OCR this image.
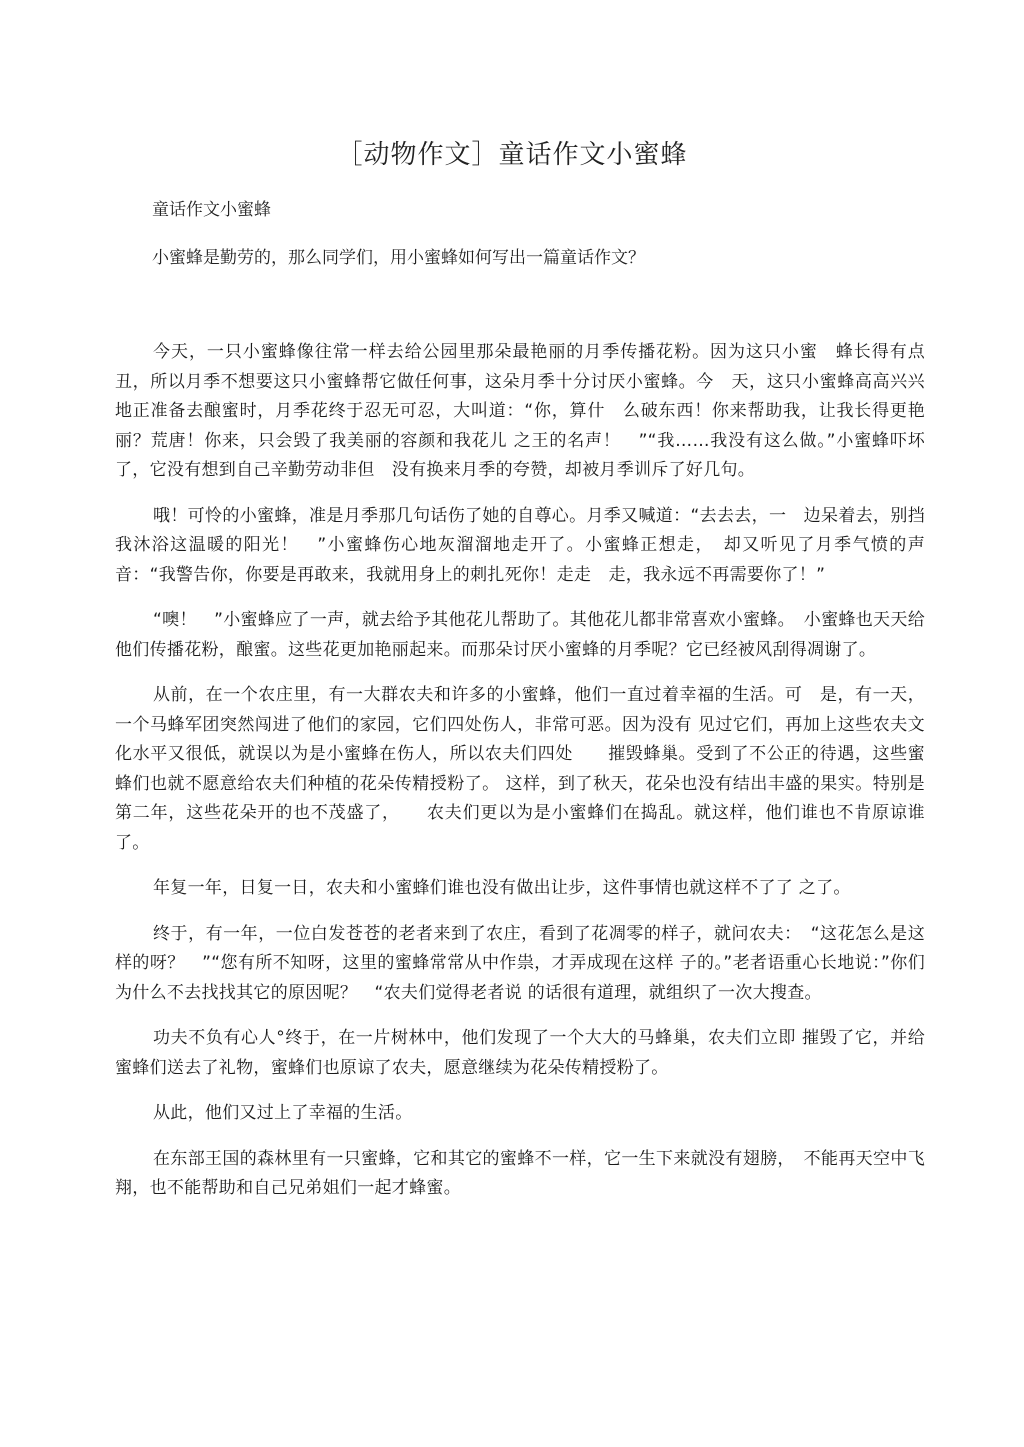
［动物作文］童话作文小蜜蜂
童话作文小蜜蜂
小蜜蜂是勤劳的，那么同学们，用小蜜蜂如何写出一篇童话作文？

今天，一只小蜜蜂像往常一样去给公园里那朵最艳丽的月季传播花粉。因为这只小蜜　蜂长得有点丑，所以月季不想要这只小蜜蜂帮它做任何事，这朵月季十分讨厌小蜜蜂。今　天，这只小蜜蜂高高兴兴地正准备去酿蜜时，月季花终于忍无可忍，大叫道：“你，算什　么破东西！你来帮助我，让我长得更艳丽？荒唐！你来，只会毁了我美丽的容颜和我花儿 之王的名声！　”“我……我没有这么做。”小蜜蜂吓坏了，它没有想到自己辛勤劳动非但　没有换来月季的夸赞，却被月季训斥了好几句。

哦！可怜的小蜜蜂，准是月季那几句话伤了她的自尊心。月季又喊道：“去去去，一　边呆着去，别挡我沐浴这温暖的阳光！　”小蜜蜂伤心地灰溜溜地走开了。小蜜蜂正想走，　却又听见了月季气愤的声音：“我警告你，你要是再敢来，我就用身上的刺扎死你！走走　走，我永远不再需要你了！”

“噢！　”小蜜蜂应了一声，就去给予其他花儿帮助了。其他花儿都非常喜欢小蜜蜂。　小蜜蜂也天天给他们传播花粉，酿蜜。这些花更加艳丽起来。而那朵讨厌小蜜蜂的月季呢？它已经被风刮得凋谢了。

从前，在一个农庄里，有一大群农夫和许多的小蜜蜂，他们一直过着幸福的生活。可　是，有一天，一个马蜂军团突然闯进了他们的家园，它们四处伤人，非常可恶。因为没有 见过它们，再加上这些农夫文化水平又很低，就误以为是小蜜蜂在伤人，所以农夫们四处　　摧毁蜂巢。受到了不公正的待遇，这些蜜蜂们也就不愿意给农夫们种植的花朵传精授粉了。 这样，到了秋天，花朵也没有结出丰盛的果实。特别是第二年，这些花朵开的也不茂盛了，　　农夫们更以为是小蜜蜂们在捣乱。就这样，他们谁也不肯原谅谁了。

年复一年，日复一日，农夫和小蜜蜂们谁也没有做出让步，这件事情也就这样不了了 之了。

终于，有一年，一位白发苍苍的老者来到了农庄，看到了花凋零的样子，就问农夫：　“这花怎么是这样的呀？　”“您有所不知呀，这里的蜜蜂常常从中作祟，才弄成现在这样 子的。”老者语重心长地说：”你们为什么不去找找其它的原因呢？　“农夫们觉得老者说 的话很有道理，就组织了一次大搜查。

功夫不负有心人°终于，在一片树林中，他们发现了一个大大的马蜂巢，农夫们立即 摧毁了它，并给蜜蜂们送去了礼物，蜜蜂们也原谅了农夫，愿意继续为花朵传精授粉了。

从此，他们又过上了幸福的生活。

在东部王国的森林里有一只蜜蜂，它和其它的蜜蜂不一样，它一生下来就没有翅膀，　不能再天空中飞翔，也不能帮助和自己兄弟姐们一起才蜂蜜。
